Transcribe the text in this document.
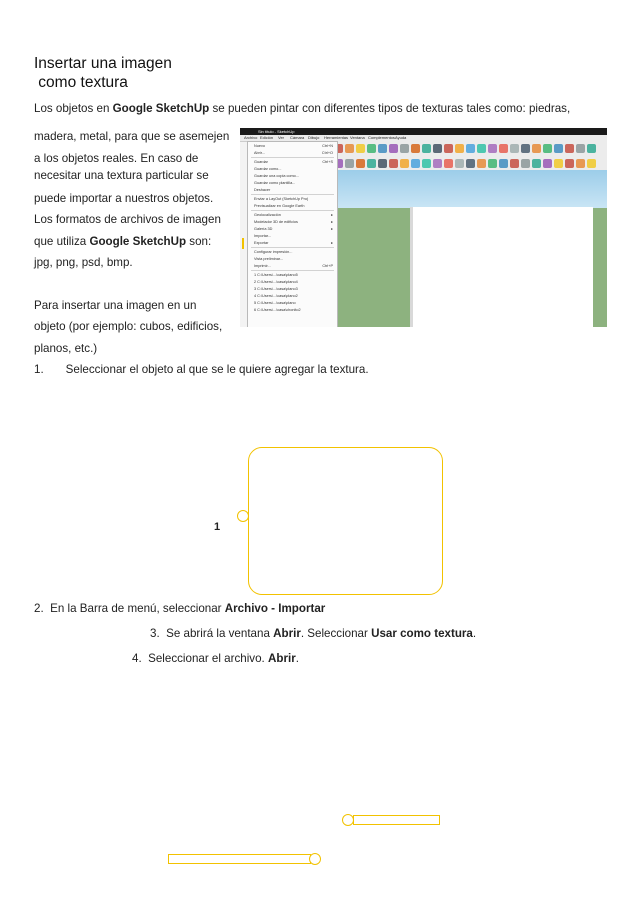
Insertar una imagen
como textura
Los objetos en Google SketchUp se pueden pintar con diferentes tipos de texturas tales como: piedras,
madera, metal, para que se asemejen
a los objetos reales. En caso de
necesitar una textura particular se
puede importar a nuestros objetos.
Los formatos de archivos de imagen
que utiliza Google SketchUp son:
jpg, png, psd, bmp.
Para insertar una imagen en un
objeto (por ejemplo: cubos, edificios,
planos, etc.)
Sin título - SketchUp
Archivo Edición Ver Cámara Dibujo Herramientas Ventana Complementos Ayuda
Nuevo	Ctrl+N
Abrir...	Ctrl+O
Guardar	Ctrl+S
Guardar como...
Guardar una copia como...
Guardar como plantilla...
Deshacer
Enviar a LayOut (SketchUp Pro)
Previsualizar en Google Earth
Geolocalización	▸
Modelador 3D de edificios	▸
Galería 3D	▸
Importar...
Exportar	▸
Configurar impresión...
Vista preliminar...
Imprimir...	Ctrl+P
1 C:\Users\...\casa\plano5
2 C:\Users\...\casa\plano4
3 C:\Users\...\casa\plano3
4 C:\Users\...\casa\plano2
5 C:\Users\...\casa\plano
6 C:\Users\...\casa\chonito2
1. Seleccionar el objeto al que se le quiere agregar la textura.
1
2. En la Barra de menú, seleccionar Archivo - Importar
3. Se abrirá la ventana Abrir. Seleccionar Usar como textura.
4. Seleccionar el archivo. Abrir.
